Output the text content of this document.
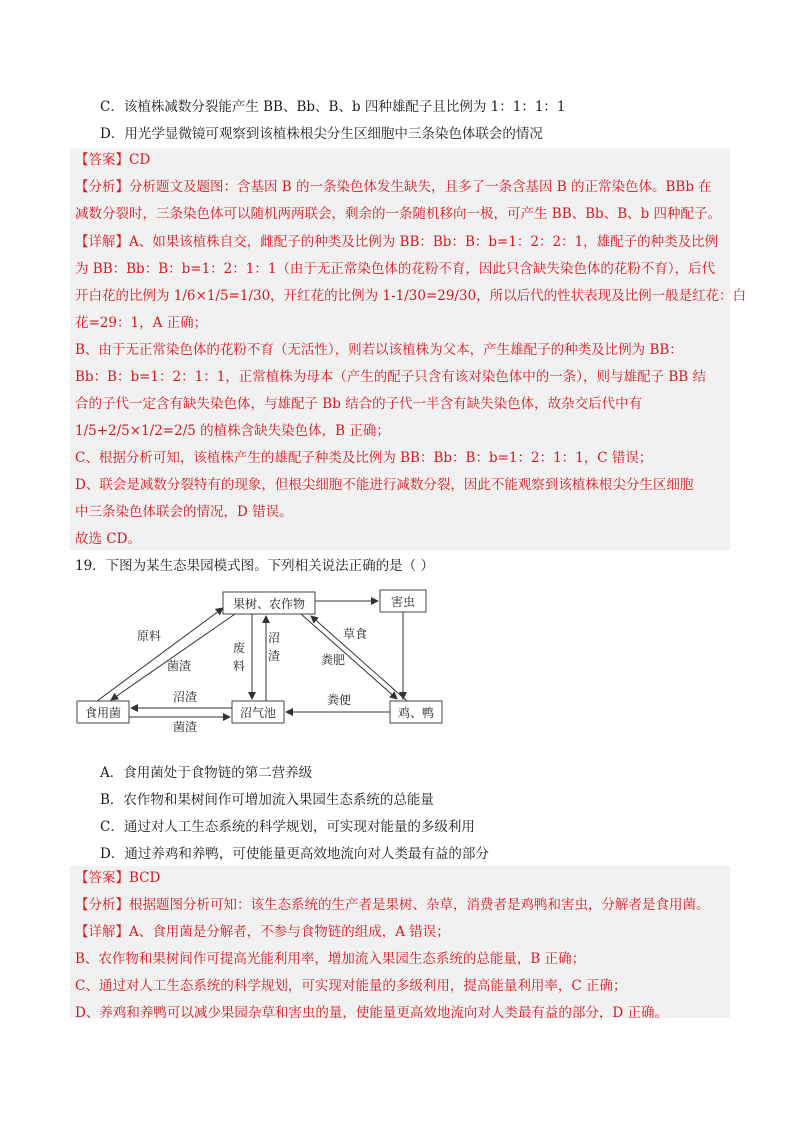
C．该植株减数分裂能产生 BB、Bb、B、b 四种雄配子且比例为 1：1：1：1
D．用光学显微镜可观察到该植株根尖分生区细胞中三条染色体联会的情况
【答案】CD
【分析】分析题文及题图：含基因 B 的一条染色体发生缺失，且多了一条含基因 B 的正常染色体。BBb 在
减数分裂时，三条染色体可以随机两两联会，剩余的一条随机移向一极，可产生 BB、Bb、B、b 四种配子。
【详解】A、如果该植株自交，雌配子的种类及比例为 BB：Bb：B：b=1：2：2：1，雄配子的种类及比例
为 BB：Bb：B：b=1：2：1：1（由于无正常染色体的花粉不育，因此只含缺失染色体的花粉不育），后代
开白花的比例为 1/6×1/5=1/30，开红花的比例为 1-1/30=29/30，所以后代的性状表现及比例一般是红花：白
花=29：1，A 正确；
B、由于无正常染色体的花粉不育（无活性），则若以该植株为父本，产生雄配子的种类及比例为 BB：
Bb：B：b=1：2：1：1，正常植株为母本（产生的配子只含有该对染色体中的一条），则与雄配子 BB 结
合的子代一定含有缺失染色体，与雄配子 Bb 结合的子代一半含有缺失染色体，故杂交后代中有
1/5+2/5×1/2=2/5 的植株含缺失染色体，B 正确；
C、根据分析可知，该植株产生的雄配子种类及比例为 BB：Bb：B：b=1：2：1：1，C 错误；
D、联会是减数分裂特有的现象，但根尖细胞不能进行减数分裂，因此不能观察到该植株根尖分生区细胞
中三条染色体联会的情况，D 错误。
故选 CD。
19．下图为某生态果园模式图。下列相关说法正确的是（ ）
果树、农作物	害虫
食用菌	沼气池	鸡、鸭
原料
菌渣
废
料
沼
渣
草食
粪肥
粪便
沼渣
菌渣
A．食用菌处于食物链的第二营养级
B．农作物和果树间作可增加流入果园生态系统的总能量
C．通过对人工生态系统的科学规划，可实现对能量的多级利用
D．通过养鸡和养鸭，可使能量更高效地流向对人类最有益的部分
【答案】BCD
【分析】根据题图分析可知：该生态系统的生产者是果树、杂草，消费者是鸡鸭和害虫，分解者是食用菌。
【详解】A、食用菌是分解者，不参与食物链的组成，A 错误；
B、农作物和果树间作可提高光能利用率，增加流入果园生态系统的总能量，B 正确；
C、通过对人工生态系统的科学规划，可实现对能量的多级利用，提高能量利用率，C 正确；
D、养鸡和养鸭可以减少果园杂草和害虫的量，使能量更高效地流向对人类最有益的部分，D 正确。
